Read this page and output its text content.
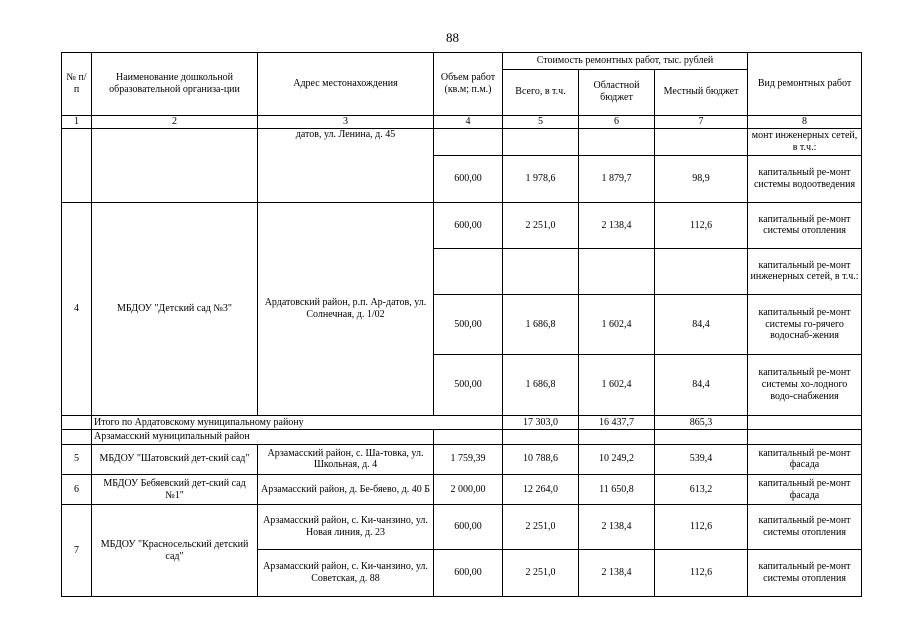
88
№ п/п	Наименование дошкольной образовательной организа-ции	Адрес местонахождения	Объем работ (кв.м; п.м.)	Стоимость ремонтных работ, тыс. рублей			Вид ремонтных работ
				Всего, в т.ч.	Областной бюджет	Местный бюджет	
1	2	3	4	5	6	7	8
		датов, ул. Ленина, д. 45					монт инженерных сетей, в т.ч.:
			600,00	1 978,6	1 879,7	98,9	капитальный ре-монт системы водоотведения
4	МБДОУ "Детский сад №3"	Ардатовский район, р.п. Ар-датов, ул. Солнечная, д. 1/02	600,00	2 251,0	2 138,4	112,6	капитальный ре-монт системы отопления
							капитальный ре-монт инженерных сетей, в т.ч.:
			500,00	1 686,8	1 602,4	84,4	капитальный ре-монт системы го-рячего водоснаб-жения
			500,00	1 686,8	1 602,4	84,4	капитальный ре-монт системы хо-лодного водо-снабжения
	Итого по Ардатовскому муниципальному району			17 303,0	16 437,7	865,3	
	Арзамасский муниципальный район						
5	МБДОУ "Шатовский дет-ский сад"	Арзамасский район, с. Ша-товка, ул. Школьная, д. 4	1 759,39	10 788,6	10 249,2	539,4	капитальный ре-монт фасада
6	МБДОУ Бебяевский дет-ский сад №1"	Арзамасский район, д. Бе-бяево, д. 40 Б	2 000,00	12 264,0	11 650,8	613,2	капитальный ре-монт фасада
7	МБДОУ "Красносельский детский сад"	Арзамасский район, с. Ки-чанзино, ул. Новая линия, д. 23	600,00	2 251,0	2 138,4	112,6	капитальный ре-монт системы отопления
		Арзамасский район, с. Ки-чанзино, ул. Советская, д. 88	600,00	2 251,0	2 138,4	112,6	капитальный ре-монт системы отопления
